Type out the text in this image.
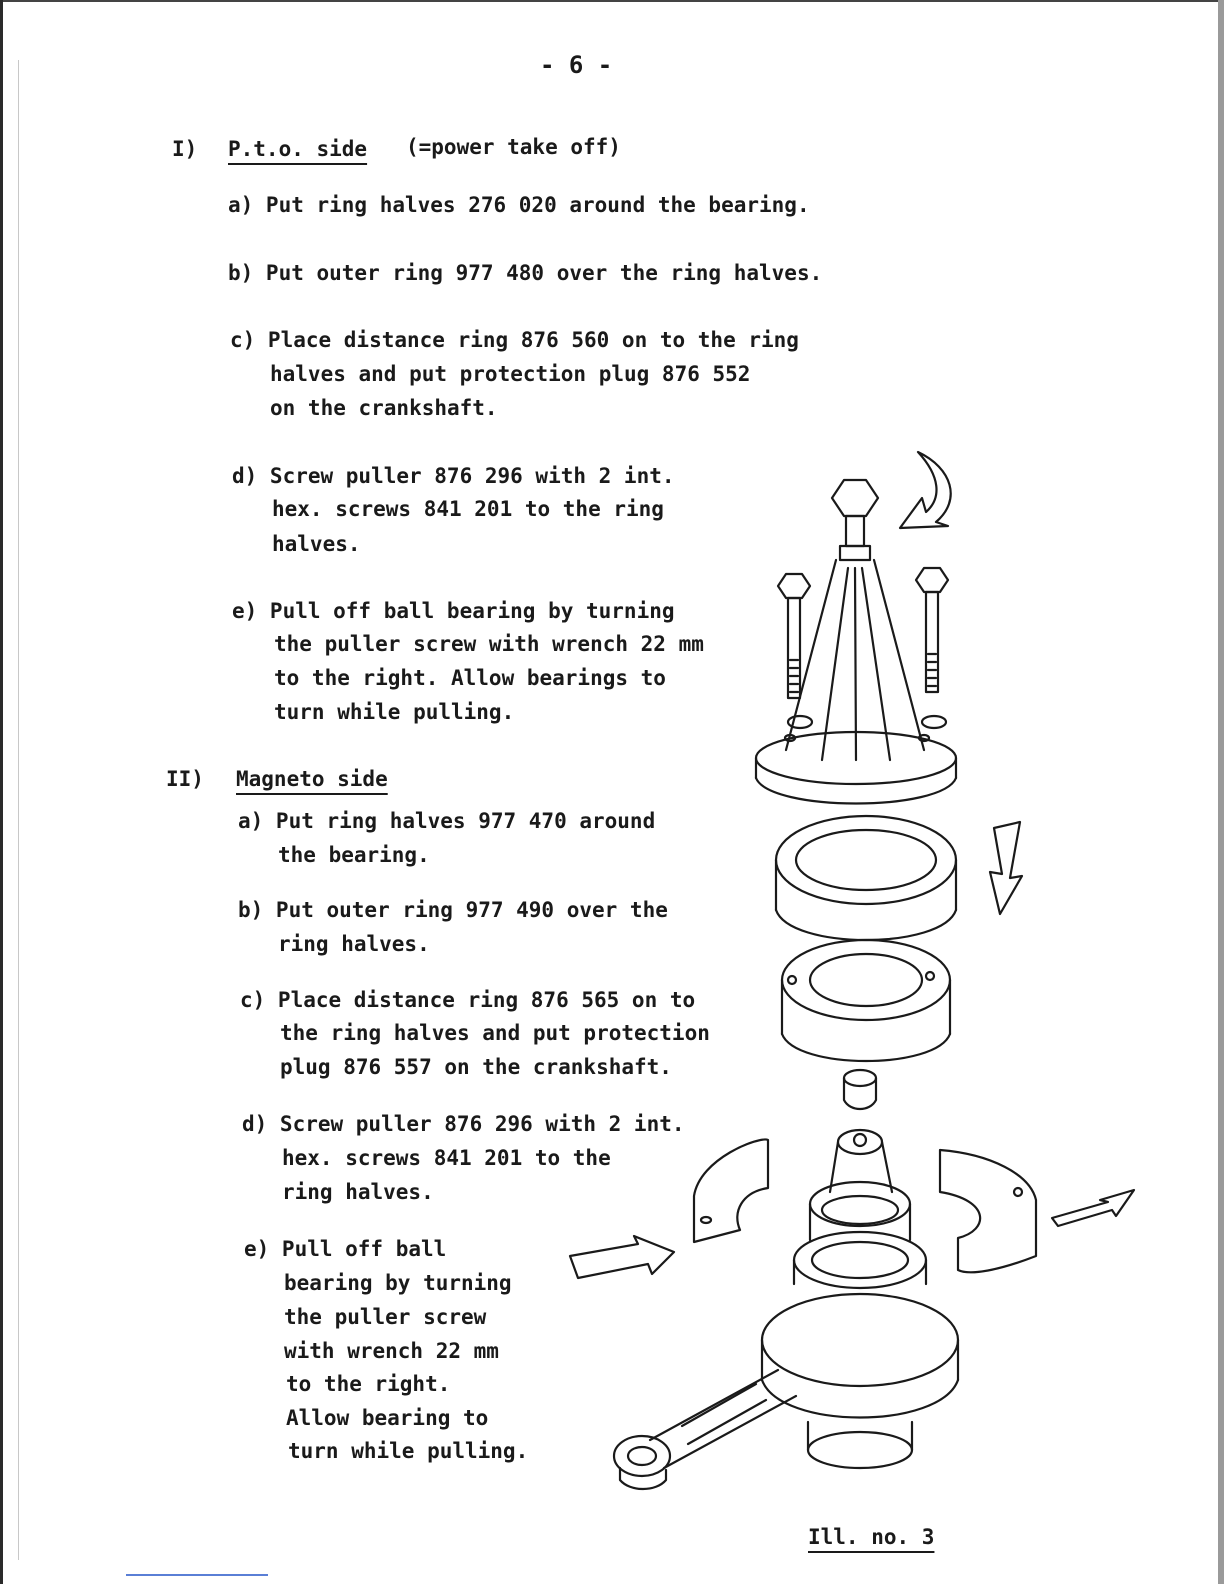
- 6 -
I) P.t.o. side (=power take off)
a) Put ring halves 276 020 around the bearing.
b) Put outer ring 977 480 over the ring halves.
c) Place distance ring 876 560 on to the ring
halves and put protection plug 876 552
on the crankshaft.
d) Screw puller 876 296 with 2 int.
hex. screws 841 201 to the ring
halves.
e) Pull off ball bearing by turning
the puller screw with wrench 22 mm
to the right. Allow bearings to
turn while pulling.
II) Magneto side
a) Put ring halves 977 470 around
the bearing.
b) Put outer ring 977 490 over the
ring halves.
c) Place distance ring 876 565 on to
the ring halves and put protection
plug 876 557 on the crankshaft.
d) Screw puller 876 296 with 2 int.
hex. screws 841 201 to the
ring halves.
e) Pull off ball
bearing by turning
the puller screw
with wrench 22 mm
to the right.
Allow bearing to
turn while pulling.
Ill. no. 3
